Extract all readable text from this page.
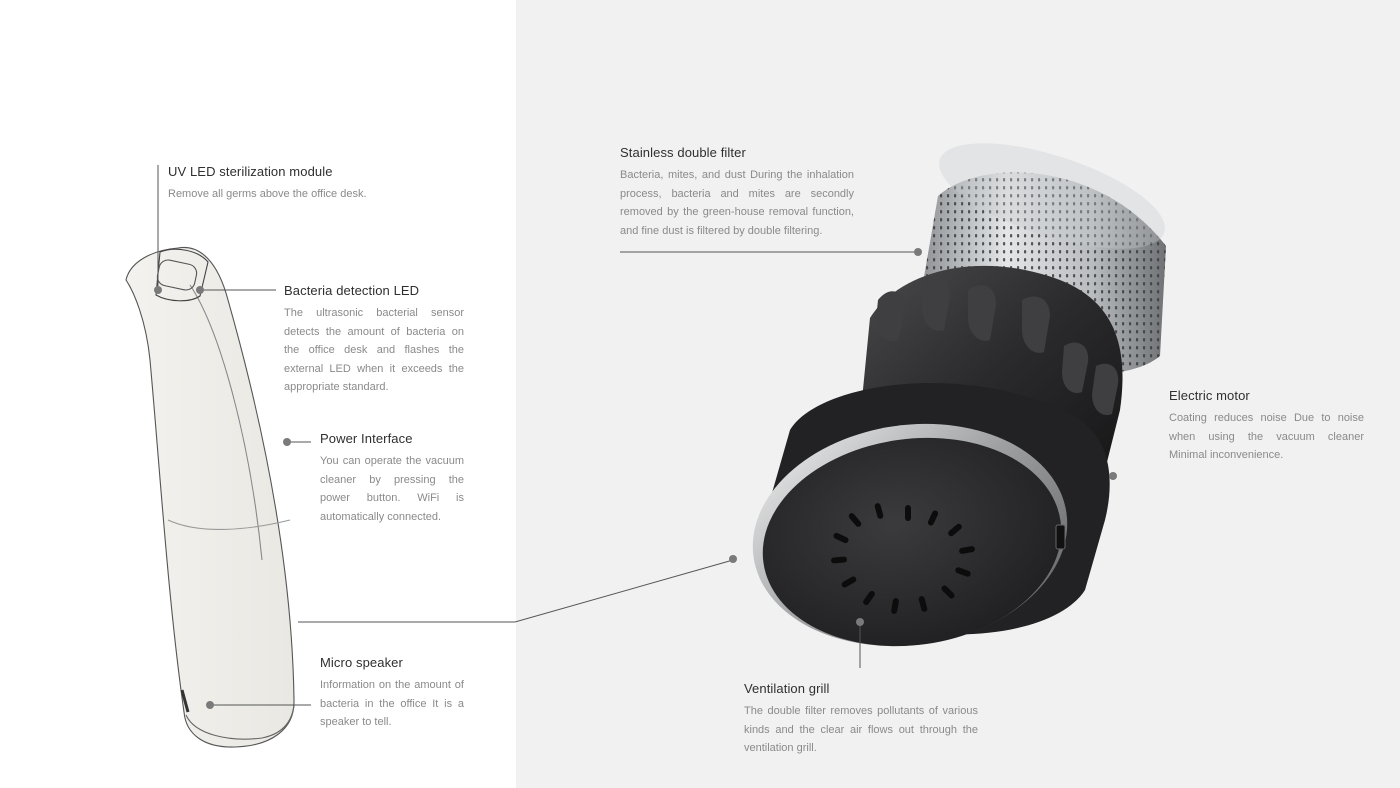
UV LED sterilization module

Remove all germs above the office desk.

Bacteria detection LED

The ultrasonic bacterial sensor detects the amount of bacteria on the office desk and flashes the external LED when it exceeds the appropriate standard.

Power Interface

You can operate the vacuum cleaner by pressing the power button. WiFi is automatically connected.

Micro speaker

Information on the amount of bacteria in the office It is a speaker to tell.

Stainless double filter

Bacteria, mites, and dust During the inhalation process, bacteria and mites are secondly removed by the green-house removal function, and fine dust is filtered by double filtering.

Electric motor

Coating reduces noise Due to noise when using the vacuum cleaner Minimal inconvenience.

Ventilation grill

The double filter removes pollutants of various kinds and the clear air flows out through the ventilation grill.
